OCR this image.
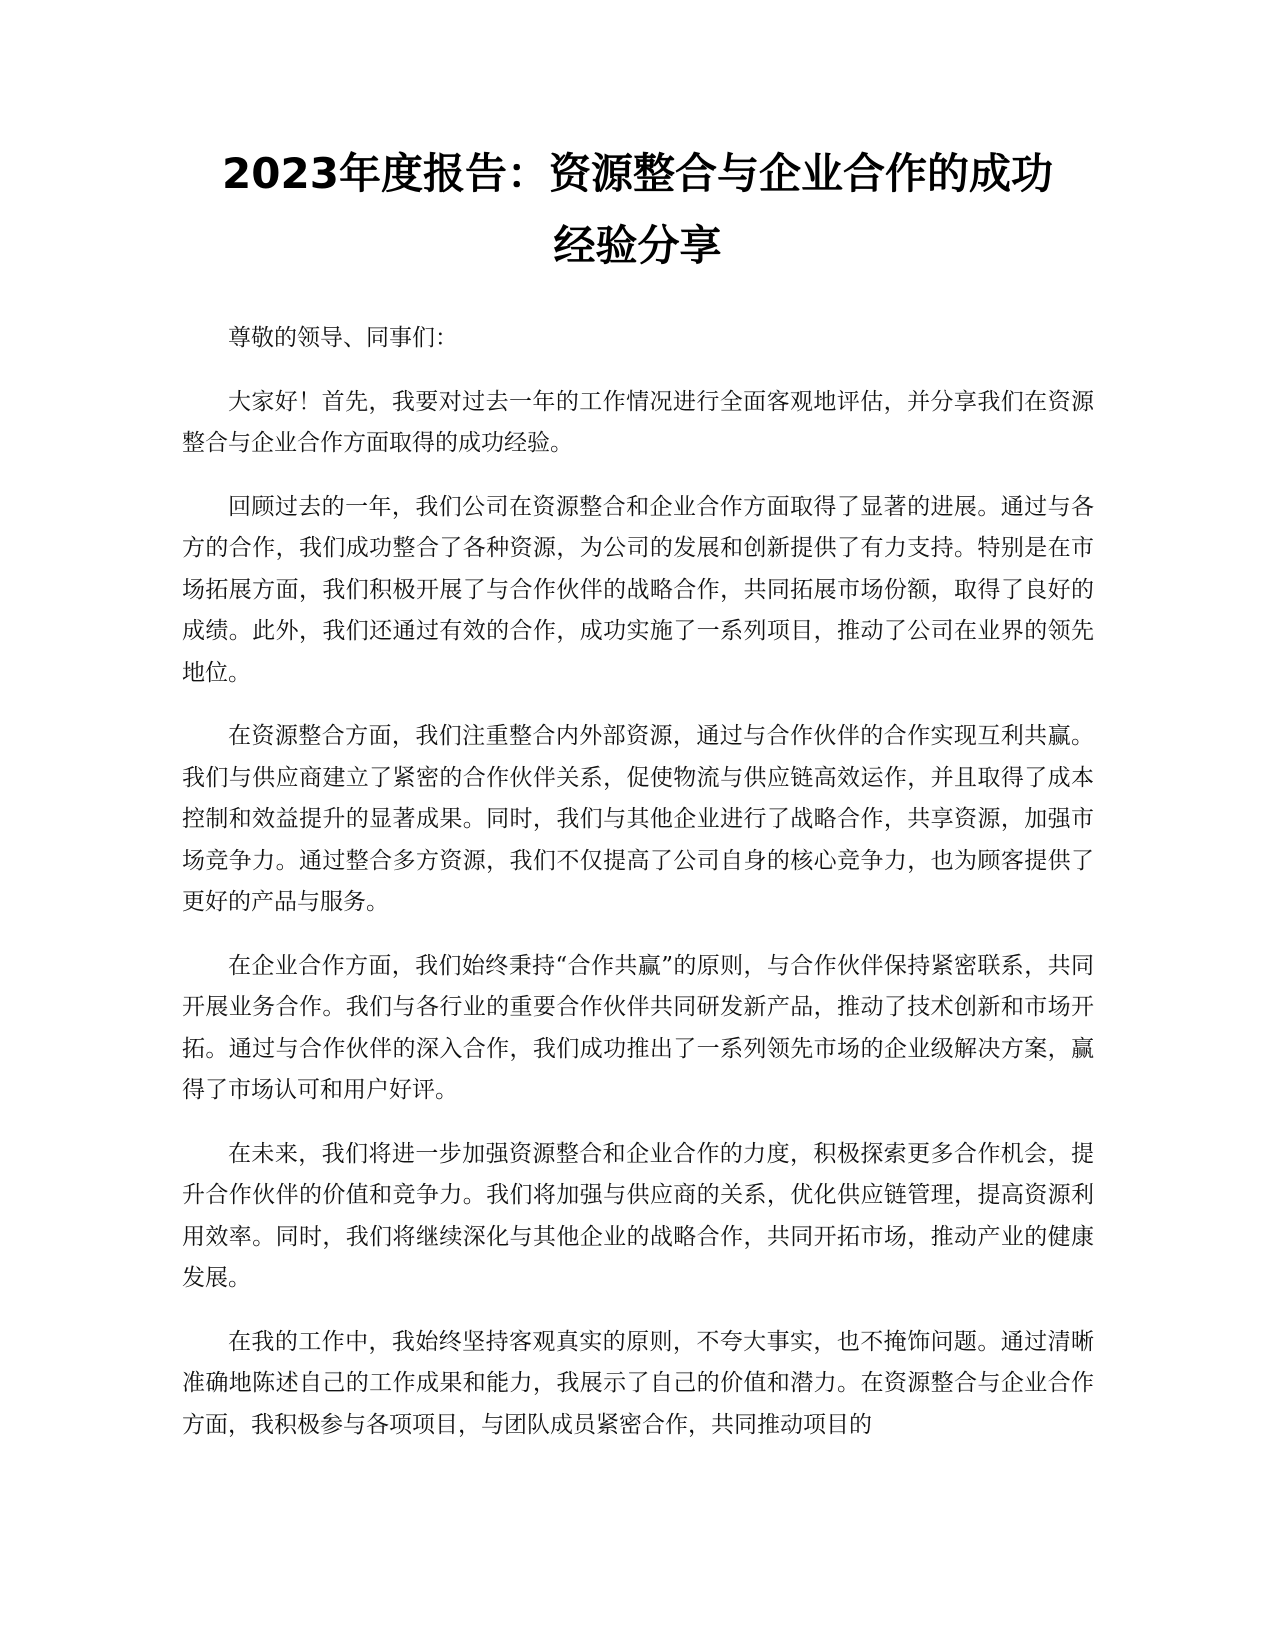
2023年度报告：资源整合与企业合作的成功
经验分享

尊敬的领导、同事们：

大家好！首先，我要对过去一年的工作情况进行全面客观地评估，并分享我们在资源整合与企业合作方面取得的成功经验。

回顾过去的一年，我们公司在资源整合和企业合作方面取得了显著的进展。通过与各方的合作，我们成功整合了各种资源，为公司的发展和创新提供了有力支持。特别是在市场拓展方面，我们积极开展了与合作伙伴的战略合作，共同拓展市场份额，取得了良好的成绩。此外，我们还通过有效的合作，成功实施了一系列项目，推动了公司在业界的领先地位。

在资源整合方面，我们注重整合内外部资源，通过与合作伙伴的合作实现互利共赢。我们与供应商建立了紧密的合作伙伴关系，促使物流与供应链高效运作，并且取得了成本控制和效益提升的显著成果。同时，我们与其他企业进行了战略合作，共享资源，加强市场竞争力。通过整合多方资源，我们不仅提高了公司自身的核心竞争力，也为顾客提供了更好的产品与服务。

在企业合作方面，我们始终秉持“合作共赢”的原则，与合作伙伴保持紧密联系，共同开展业务合作。我们与各行业的重要合作伙伴共同研发新产品，推动了技术创新和市场开拓。通过与合作伙伴的深入合作，我们成功推出了一系列领先市场的企业级解决方案，赢得了市场认可和用户好评。

在未来，我们将进一步加强资源整合和企业合作的力度，积极探索更多合作机会，提升合作伙伴的价值和竞争力。我们将加强与供应商的关系，优化供应链管理，提高资源利用效率。同时，我们将继续深化与其他企业的战略合作，共同开拓市场，推动产业的健康发展。

在我的工作中，我始终坚持客观真实的原则，不夸大事实，也不掩饰问题。通过清晰准确地陈述自己的工作成果和能力，我展示了自己的价值和潜力。在资源整合与企业合作方面，我积极参与各项项目，与团队成员紧密合作，共同推动项目的
